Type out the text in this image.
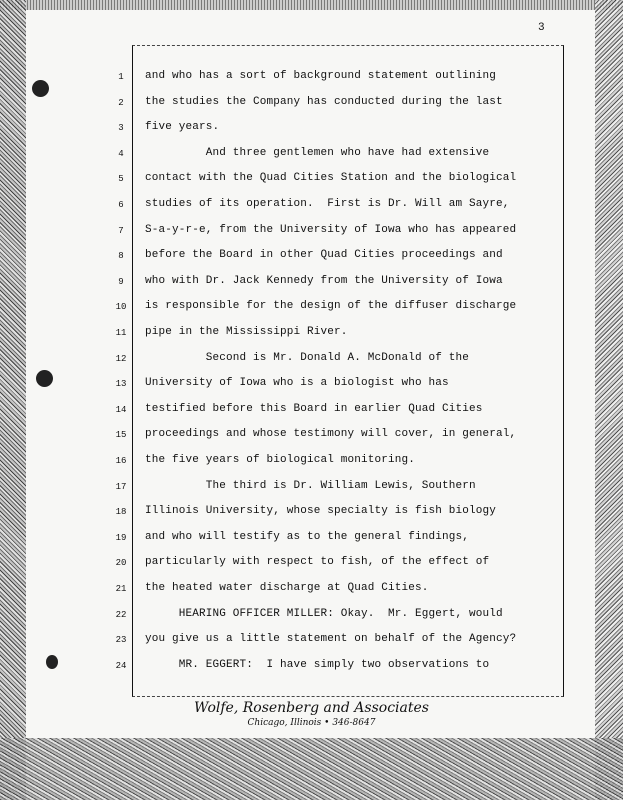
3
1	and who has a sort of background statement outlining
2	the studies the Company has conducted during the last
3	five years.
4	And three gentlemen who have had extensive
5	contact with the Quad Cities Station and the biological
6	studies of its operation.  First is Dr. Will am Sayre,
7	S-a-y-r-e, from the University of Iowa who has appeared
8	before the Board in other Quad Cities proceedings and
9	who with Dr. Jack Kennedy from the University of Iowa
10	is responsible for the design of the diffuser discharge
11	pipe in the Mississippi River.
12	Second is Mr. Donald A. McDonald of the
13	University of Iowa who is a biologist who has
14	testified before this Board in earlier Quad Cities
15	proceedings and whose testimony will cover, in general,
16	the five years of biological monitoring.
17	The third is Dr. William Lewis, Southern
18	Illinois University, whose specialty is fish biology
19	and who will testify as to the general findings,
20	particularly with respect to fish, of the effect of
21	the heated water discharge at Quad Cities.
22	HEARING OFFICER MILLER: Okay.  Mr. Eggert, would
23	you give us a little statement on behalf of the Agency?
24	MR. EGGERT:  I have simply two observations to
Wolfe, Rosenberg and Associates
Chicago, Illinois • 346-8647
